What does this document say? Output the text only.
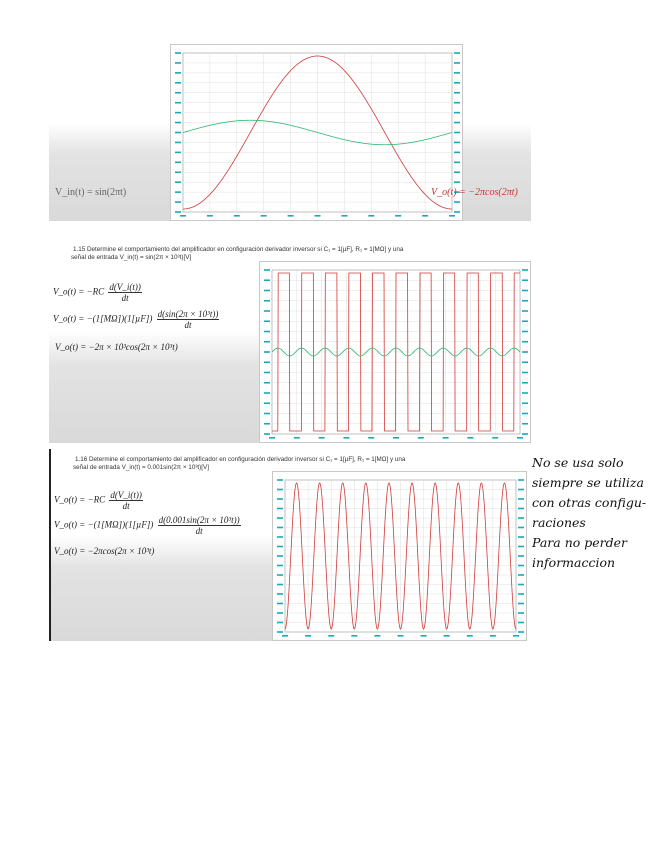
V_in(t) = sin(2πt)	V_o(t) = −2πcos(2πt)
1.15 Determine el comportamiento del amplificador en configuración derivador inversor si C₁ = 1[µF], R₁ = 1[MΩ] y una
señal de entrada V_in(t) = sin(2π × 10³t)[V]
V_o(t) = $-RC \frac{d(V\_i(t))}{dt}$
V_o(t) = $-(1[M\Omega])(1[\mu F]) \frac{\text{d(sin(2π × 10³t))}}{dt}$
V_o(t) = −2π × 10³cos(2π × 10³t)
1.16 Determine el comportamiento del amplificador en configuración derivador inversor si C₁ = 1[µF], R₁ = 1[MΩ] y una
señal de entrada V_in(t) = 0.001sin(2π × 10³t)[V]
V_o(t) = $-RC \frac{d(V\_i(t))}{dt}$
V_o(t) = $-(1[M\Omega])(1[\mu F]) \frac{\text{d(0.001sin(2π × 10³t))}}{dt}$
V_o(t) = −2πcos(2π × 10³t)
No se usa solo
siempre se utiliza
con otras configu-
raciones
Para no perder
informaccion
